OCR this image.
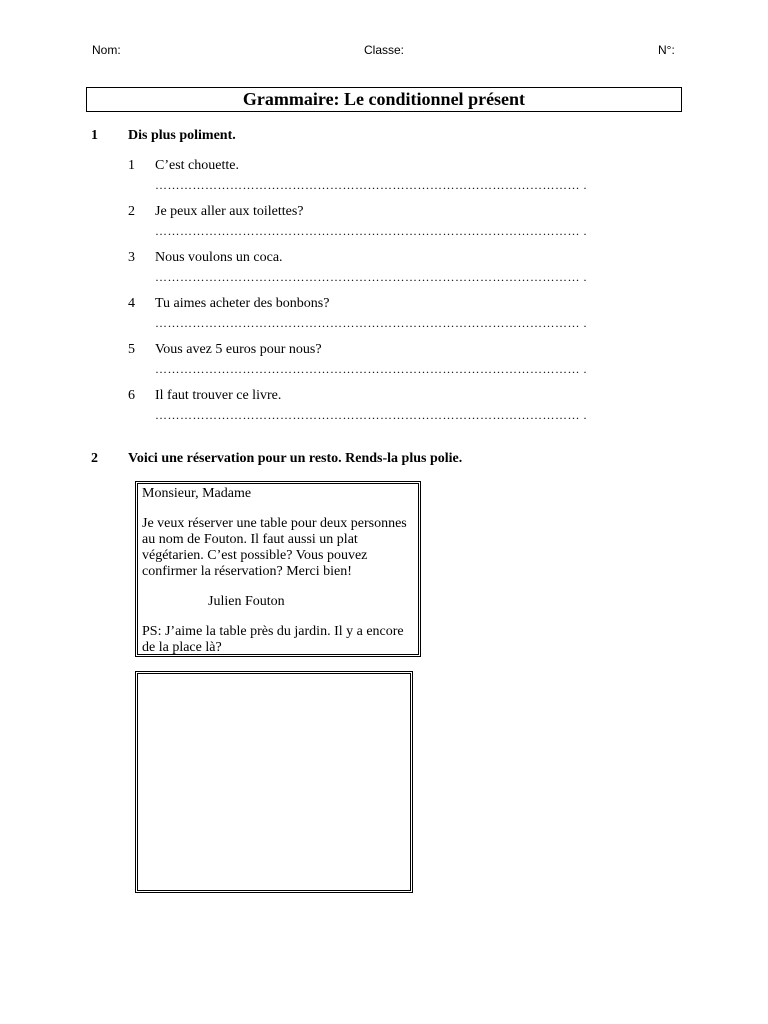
Nom:	Classe:	N°:
Grammaire: Le conditionnel présent
1 Dis plus poliment.
1 C’est chouette.
………………………………………………………………………………………… .
2 Je peux aller aux toilettes?
………………………………………………………………………………………… .
3 Nous voulons un coca.
………………………………………………………………………………………… .
4 Tu aimes acheter des bonbons?
………………………………………………………………………………………… .
5 Vous avez 5 euros pour nous?
………………………………………………………………………………………… .
6 Il faut trouver ce livre.
………………………………………………………………………………………… .
2 Voici une réservation pour un resto. Rends-la plus polie.

Monsieur, Madame

Je veux réserver une table pour deux personnes au nom de Fouton. Il faut aussi un plat végétarien. C’est possible? Vous pouvez confirmer la réservation? Merci bien!

Julien Fouton

PS: J’aime la table près du jardin. Il y a encore de la place là?
